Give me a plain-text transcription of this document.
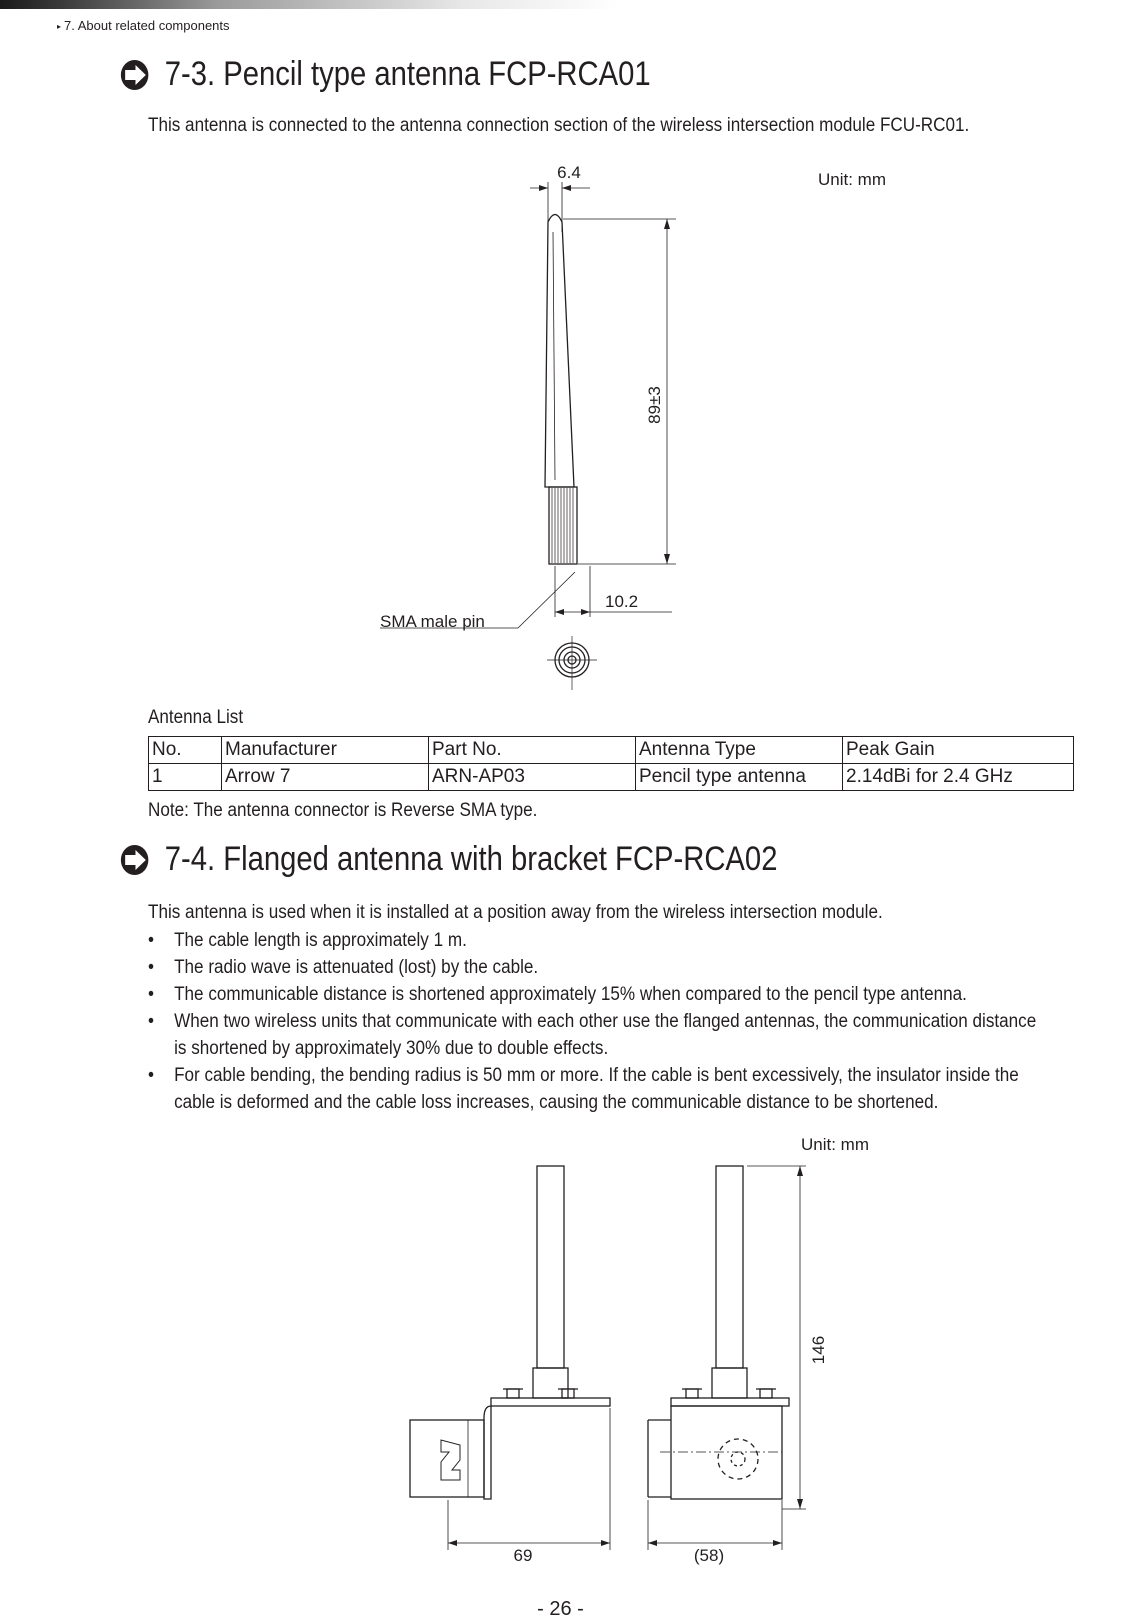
▸ 7. About related components
7-3. Pencil type antenna FCP-RCA01
This antenna is connected to the antenna connection section of the wireless intersection module FCU-RC01.
6.4	Unit: mm
89±3
10.2
SMA male pin
Unit: mm
146
69	(58)
Antenna List
No.	Manufacturer	Part No.	Antenna Type	Peak Gain
1	Arrow 7	ARN-AP03	Pencil type antenna	2.14dBi for 2.4 GHz
Note: The antenna connector is Reverse SMA type.
7-4. Flanged antenna with bracket FCP-RCA02
This antenna is used when it is installed at a position away from the wireless intersection module.
• The cable length is approximately 1 m.
• The radio wave is attenuated (lost) by the cable.
• The communicable distance is shortened approximately 15% when compared to the pencil type antenna.
• When two wireless units that communicate with each other use the flanged antennas, the communication distance
is shortened by approximately 30% due to double effects.
• For cable bending, the bending radius is 50 mm or more. If the cable is bent excessively, the insulator inside the
cable is deformed and the cable loss increases, causing the communicable distance to be shortened.
- 26 -
